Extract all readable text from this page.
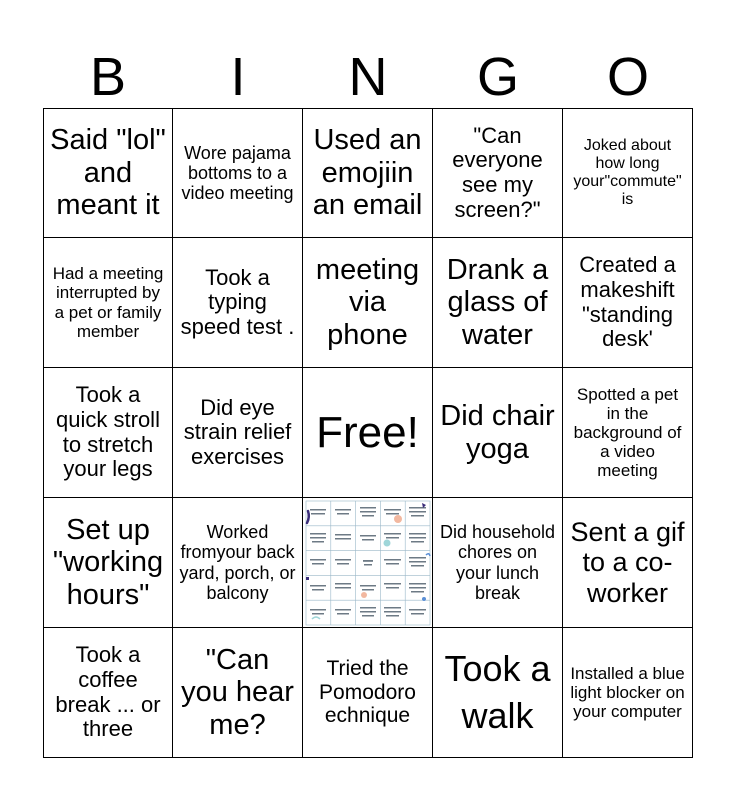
B	I	N	G	O
Said "lol" and meant it
Wore pajama bottoms to a video meeting
Used an emojiin an email
"Can everyone see my screen?"
Joked about how long your"commute" is
Had a meeting interrupted by a pet or family member
Took a typing speed test .
meeting via phone
Drank a glass of water
Created a makeshift "standing desk'
Took a quick stroll to stretch your legs
Did eye strain relief exercises Free! Did chair yoga
Spotted a pet in the background of a video meeting
Set up "working hours"
Worked fromyour back yard, porch, or balcony
Did household chores on your lunch break
Sent a gif to a co-worker
Took a coffee break ... or three
"Can you hear me?
Tried the Pomodoro echnique
Took a walk
Installed a blue light blocker on your computer
